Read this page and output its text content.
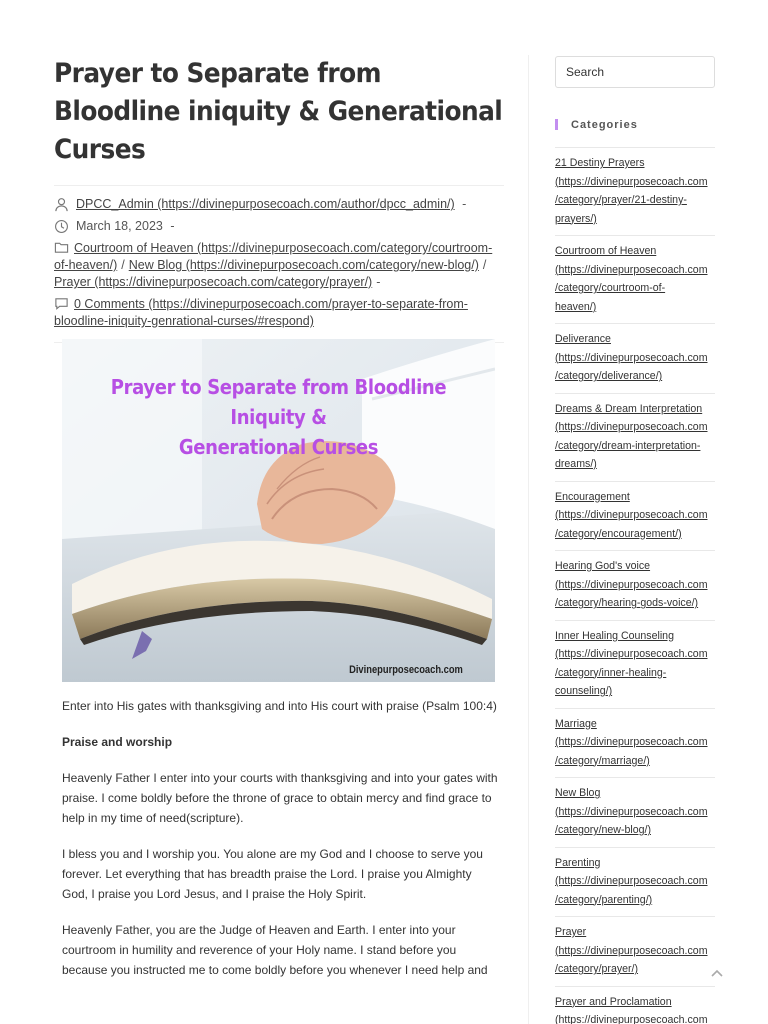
Prayer to Separate from Bloodline iniquity & Generational Curses
DPCC_Admin (https://divinepurposecoach.com/author/dpcc_admin/) -
March 18, 2023 -
Courtroom of Heaven (https://divinepurposecoach.com/category/courtroom-
of-heaven/) / New Blog (https://divinepurposecoach.com/category/new-blog/) /
Prayer (https://divinepurposecoach.com/category/prayer/) -
0 Comments (https://divinepurposecoach.com/prayer-to-separate-from-
bloodline-iniquity-genrational-curses/#respond)
Prayer to Separate from Bloodline Iniquity &
Generational Curses
Divinepurposecoach.com

Enter into His gates with thanksgiving and into His court with praise (Psalm 100:4)

Praise and worship

Heavenly Father I enter into your courts with thanksgiving and into your gates with praise. I come boldly before the throne of grace to obtain mercy and find grace to help in my time of need(scripture).

I bless you and I worship you. You alone are my God and I choose to serve you forever. Let everything that has breadth praise the Lord. I praise you Almighty God, I praise you Lord Jesus, and I praise the Holy Spirit.

Heavenly Father, you are the Judge of Heaven and Earth. I enter into your courtroom in humility and reverence of your Holy name. I stand before you because you instructed me to come boldly before you whenever I need help and

Search
Categories
21 Destiny Prayers
(https://divinepurposecoach.com
/category/prayer/21-destiny-
prayers/)
Courtroom of Heaven
(https://divinepurposecoach.com
/category/courtroom-of-
heaven/)
Deliverance
(https://divinepurposecoach.com
/category/deliverance/)
Dreams & Dream Interpretation
(https://divinepurposecoach.com
/category/dream-interpretation-
dreams/)
Encouragement
(https://divinepurposecoach.com
/category/encouragement/)
Hearing God's voice
(https://divinepurposecoach.com
/category/hearing-gods-voice/)
Inner Healing Counseling
(https://divinepurposecoach.com
/category/inner-healing-
counseling/)
Marriage
(https://divinepurposecoach.com
/category/marriage/)
New Blog
(https://divinepurposecoach.com
/category/new-blog/)
Parenting
(https://divinepurposecoach.com
/category/parenting/)
Prayer
(https://divinepurposecoach.com
/category/prayer/)
Prayer and Proclamation
(https://divinepurposecoach.com
